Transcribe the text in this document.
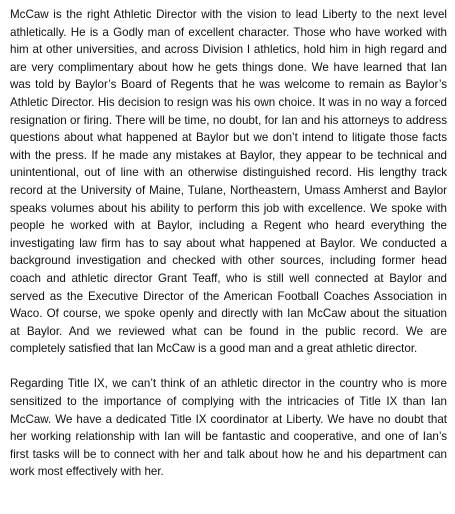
McCaw is the right Athletic Director with the vision to lead Liberty to the next level athletically. He is a Godly man of excellent character. Those who have worked with him at other universities, and across Division I athletics, hold him in high regard and are very complimentary about how he gets things done. We have learned that Ian was told by Baylor’s Board of Regents that he was welcome to remain as Baylor’s Athletic Director. His decision to resign was his own choice. It was in no way a forced resignation or firing. There will be time, no doubt, for Ian and his attorneys to address questions about what happened at Baylor but we don’t intend to litigate those facts with the press. If he made any mistakes at Baylor, they appear to be technical and unintentional, out of line with an otherwise distinguished record. His lengthy track record at the University of Maine, Tulane, Northeastern, Umass Amherst and Baylor speaks volumes about his ability to perform this job with excellence. We spoke with people he worked with at Baylor, including a Regent who heard everything the investigating law firm has to say about what happened at Baylor. We conducted a background investigation and checked with other sources, including former head coach and athletic director Grant Teaff, who is still well connected at Baylor and served as the Executive Director of the American Football Coaches Association in Waco. Of course, we spoke openly and directly with Ian McCaw about the situation at Baylor. And we reviewed what can be found in the public record. We are completely satisfied that Ian McCaw is a good man and a great athletic director.

Regarding Title IX, we can’t think of an athletic director in the country who is more sensitized to the importance of complying with the intricacies of Title IX than Ian McCaw. We have a dedicated Title IX coordinator at Liberty. We have no doubt that her working relationship with Ian will be fantastic and cooperative, and one of Ian’s first tasks will be to connect with her and talk about how he and his department can work most effectively with her.
